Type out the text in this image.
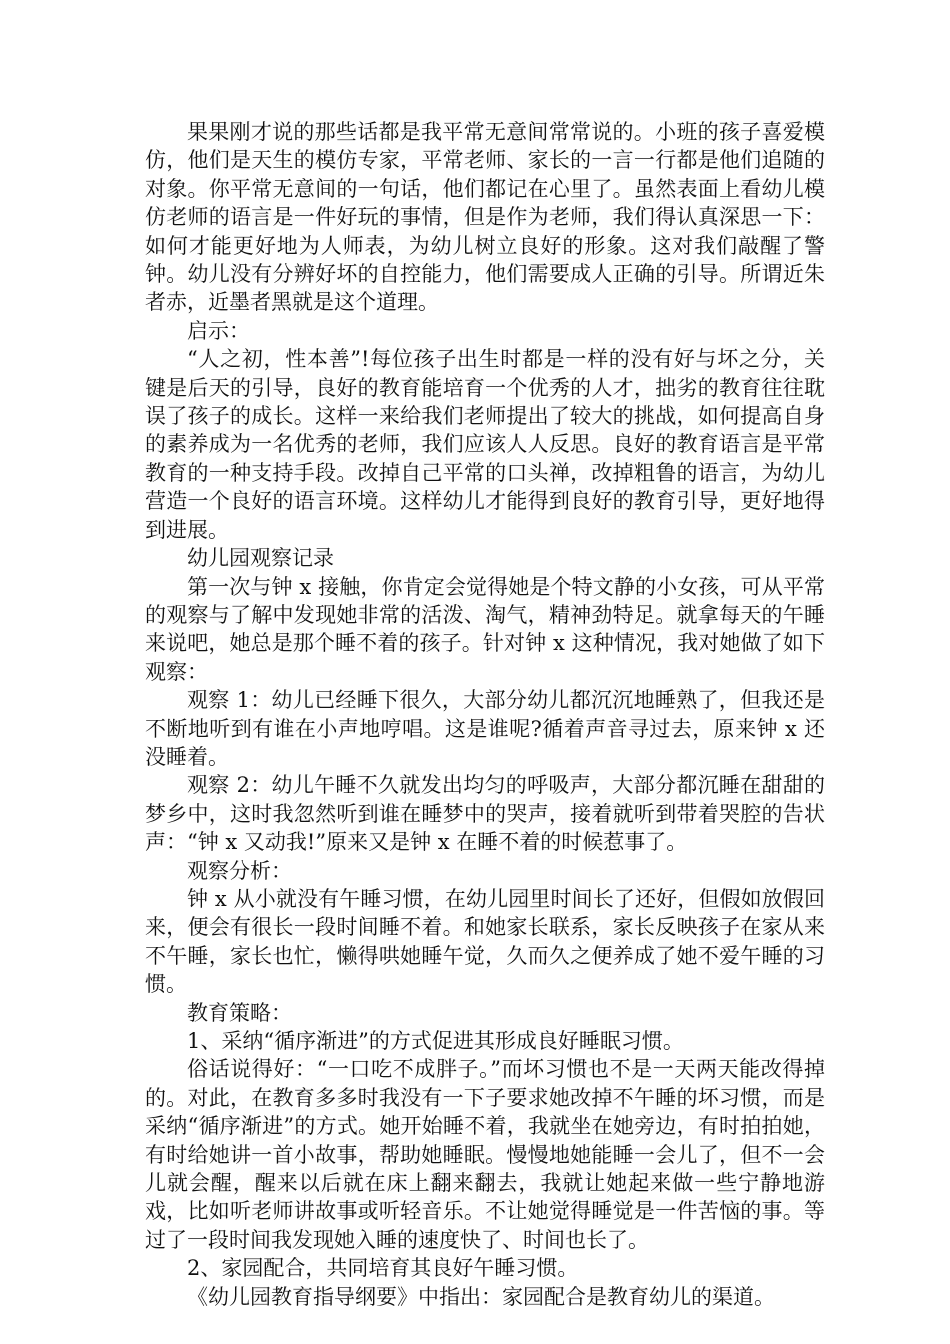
果果刚才说的那些话都是我平常无意间常常说的。小班的孩子喜爱模仿，他们是天生的模仿专家，平常老师、家长的一言一行都是他们追随的对象。你平常无意间的一句话，他们都记在心里了。虽然表面上看幼儿模仿老师的语言是一件好玩的事情，但是作为老师，我们得认真深思一下：如何才能更好地为人师表，为幼儿树立良好的形象。这对我们敲醒了警钟。幼儿没有分辨好坏的自控能力，他们需要成人正确的引导。所谓近朱者赤，近墨者黑就是这个道理。

启示：

“人之初，性本善”!每位孩子出生时都是一样的没有好与坏之分，关键是后天的引导，良好的教育能培育一个优秀的人才，拙劣的教育往往耽误了孩子的成长。这样一来给我们老师提出了较大的挑战，如何提高自身的素养成为一名优秀的老师，我们应该人人反思。良好的教育语言是平常教育的一种支持手段。改掉自己平常的口头禅，改掉粗鲁的语言，为幼儿营造一个良好的语言环境。这样幼儿才能得到良好的教育引导，更好地得到进展。

幼儿园观察记录

第一次与钟 x 接触，你肯定会觉得她是个特文静的小女孩，可从平常的观察与了解中发现她非常的活泼、淘气，精神劲特足。就拿每天的午睡来说吧，她总是那个睡不着的孩子。针对钟 x 这种情况，我对她做了如下观察：

观察 1：幼儿已经睡下很久，大部分幼儿都沉沉地睡熟了，但我还是不断地听到有谁在小声地哼唱。这是谁呢?循着声音寻过去，原来钟 x 还没睡着。

观察 2：幼儿午睡不久就发出均匀的呼吸声，大部分都沉睡在甜甜的梦乡中，这时我忽然听到谁在睡梦中的哭声，接着就听到带着哭腔的告状声：“钟 x 又动我!”原来又是钟 x 在睡不着的时候惹事了。

观察分析：

钟 x 从小就没有午睡习惯，在幼儿园里时间长了还好，但假如放假回来，便会有很长一段时间睡不着。和她家长联系，家长反映孩子在家从来不午睡，家长也忙，懒得哄她睡午觉，久而久之便养成了她不爱午睡的习惯。

教育策略：

1、采纳“循序渐进”的方式促进其形成良好睡眠习惯。

俗话说得好：“一口吃不成胖子。”而坏习惯也不是一天两天能改得掉的。对此，在教育多多时我没有一下子要求她改掉不午睡的坏习惯，而是采纳“循序渐进”的方式。她开始睡不着，我就坐在她旁边，有时拍拍她，有时给她讲一首小故事，帮助她睡眠。慢慢地她能睡一会儿了，但不一会儿就会醒，醒来以后就在床上翻来翻去，我就让她起来做一些宁静地游戏，比如听老师讲故事或听轻音乐。不让她觉得睡觉是一件苦恼的事。等过了一段时间我发现她入睡的速度快了、时间也长了。

2、家园配合，共同培育其良好午睡习惯。

《幼儿园教育指导纲要》中指出：家园配合是教育幼儿的渠道。
